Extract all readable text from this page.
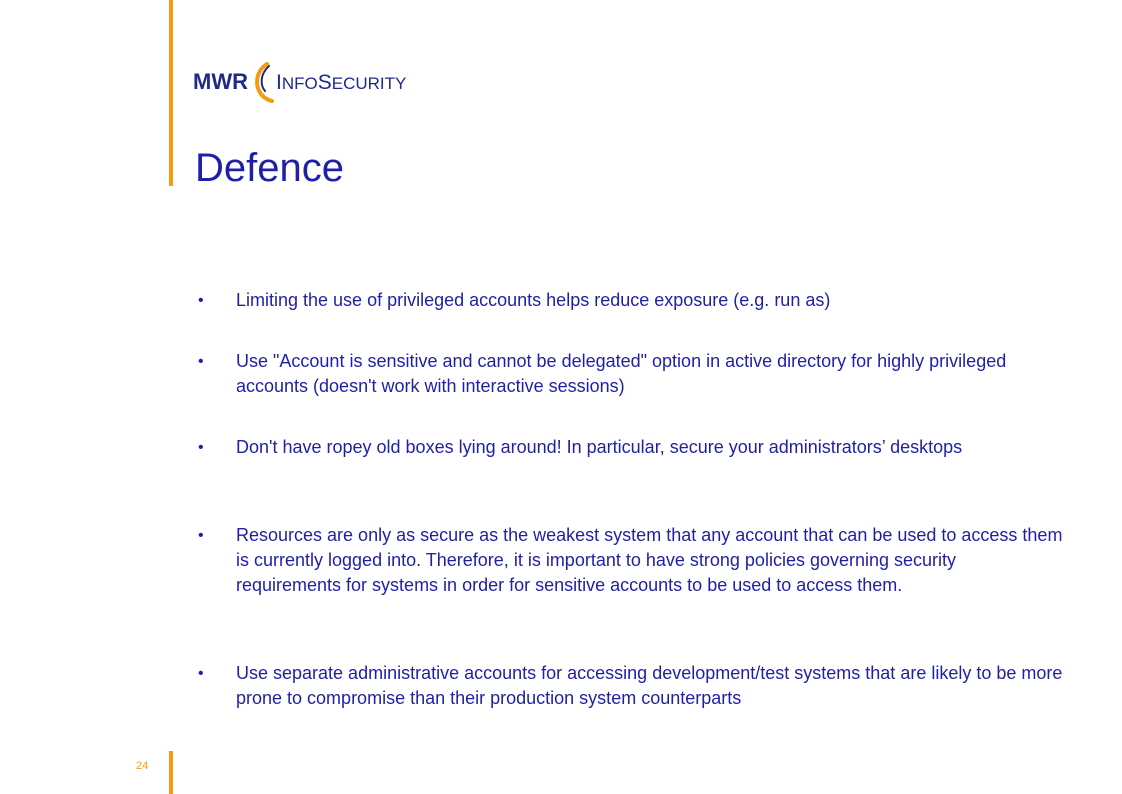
MWR INFOSECURITY
Defence
•	Limiting the use of privileged accounts helps reduce exposure (e.g. run as)
•	Use "Account is sensitive and cannot be delegated" option in active directory for highly privileged accounts (doesn't work with interactive sessions)
•	Don't have ropey old boxes lying around! In particular, secure your administrators’ desktops
•	Resources are only as secure as the weakest system that any account that can be used to access them is currently logged into. Therefore, it is important to have strong policies governing security requirements for systems in order for sensitive accounts to be used to access them.
•	Use separate administrative accounts for accessing development/test systems that are likely to be more prone to compromise than their production system counterparts
24
